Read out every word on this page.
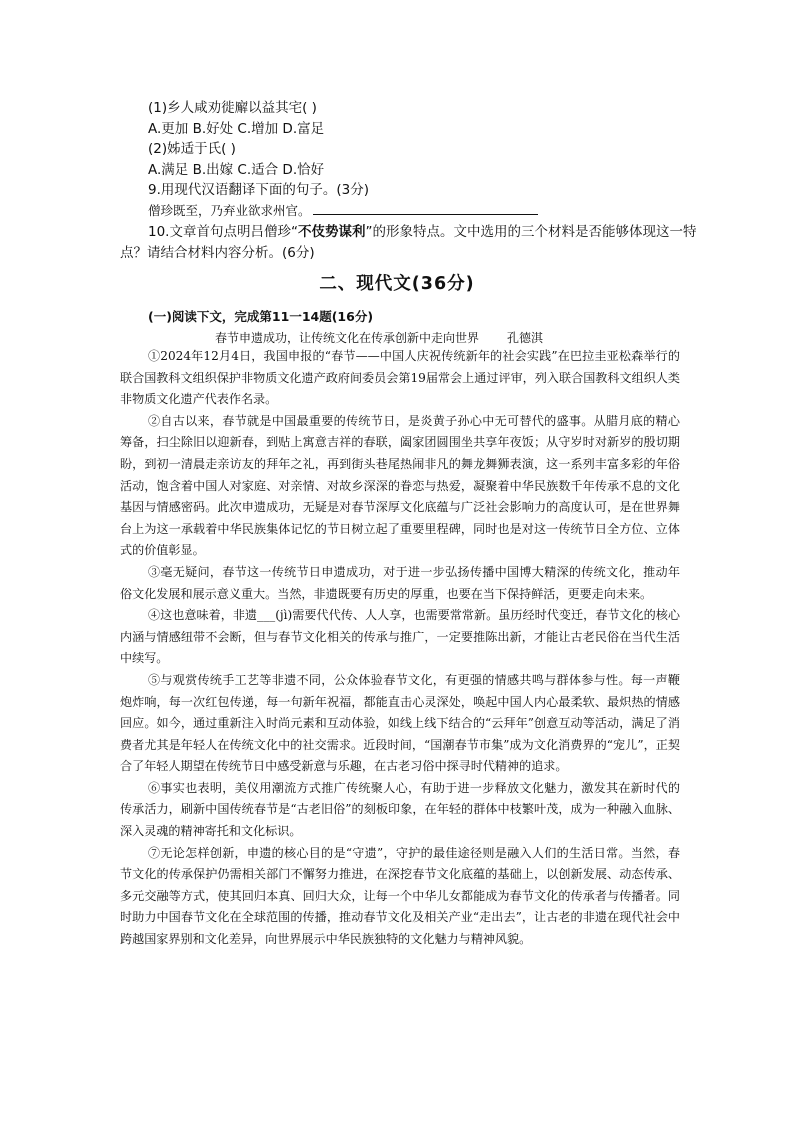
(1)乡人咸劝徙廨以益其宅( )
A.更加 B.好处 C.增加 D.富足
(2)姊适于氏( )
A.满足 B.出嫁 C.适合 D.恰好
9.用现代汉语翻译下面的句子。(3分)
僧珍既至，乃弃业欲求州官。
10.文章首句点明吕僧珍“不伎势谋利”的形象特点。文中选用的三个材料是否能够体现这一特点？请结合材料内容分析。(6分)
二、现代文(36分)
(一)阅读下文，完成第11一14题(16分)
春节申遗成功，让传统文化在传承创新中走向世界 孔德淇

①2024年12月4日，我国申报的“春节——中国人庆祝传统新年的社会实践”在巴拉圭亚松森举行的联合国教科文组织保护非物质文化遗产政府间委员会第19届常会上通过评审，列入联合国教科文组织人类非物质文化遗产代表作名录。

②自古以来，春节就是中国最重要的传统节日，是炎黄子孙心中无可替代的盛事。从腊月底的精心筹备，扫尘除旧以迎新春，到贴上寓意吉祥的春联，阖家团圆围坐共享年夜饭；从守岁时对新岁的殷切期盼，到初一清晨走亲访友的拜年之礼，再到街头巷尾热闹非凡的舞龙舞狮表演，这一系列丰富多彩的年俗活动，饱含着中国人对家庭、对亲情、对故乡深深的眷恋与热爱，凝聚着中华民族数千年传承不息的文化基因与情感密码。此次申遗成功，无疑是对春节深厚文化底蕴与广泛社会影响力的高度认可，是在世界舞台上为这一承载着中华民族集体记忆的节日树立起了重要里程碑，同时也是对这一传统节日全方位、立体式的价值彰显。

③毫无疑问，春节这一传统节日申遗成功，对于进一步弘扬传播中国博大精深的传统文化，推动年俗文化发展和展示意义重大。当然，非遗既要有历史的厚重，也要在当下保持鲜活，更要走向未来。

④这也意味着，非遗___(jì)需要代代传、人人享，也需要常常新。虽历经时代变迁，春节文化的核心内涵与情感纽带不会断，但与春节文化相关的传承与推广，一定要推陈出新，才能让古老民俗在当代生活中续写。

⑤与观赏传统手工艺等非遗不同，公众体验春节文化，有更强的情感共鸣与群体参与性。每一声鞭炮炸响，每一次红包传递，每一句新年祝福，都能直击心灵深处，唤起中国人内心最柔软、最炽热的情感回应。如今，通过重新注入时尚元素和互动体验，如线上线下结合的“云拜年”创意互动等活动，满足了消费者尤其是年轻人在传统文化中的社交需求。近段时间，“国潮春节市集”成为文化消费界的“宠儿”，正契合了年轻人期望在传统节日中感受新意与乐趣，在古老习俗中探寻时代精神的追求。

⑥事实也表明，美仪用潮流方式推广传统聚人心，有助于进一步释放文化魅力，激发其在新时代的传承活力，刷新中国传统春节是“古老旧俗”的刻板印象，在年轻的群体中枝繁叶茂，成为一种融入血脉、深入灵魂的精神寄托和文化标识。

⑦无论怎样创新，申遗的核心目的是“守遗”，守护的最佳途径则是融入人们的生活日常。当然，春节文化的传承保护仍需相关部门不懈努力推进，在深挖春节文化底蕴的基础上，以创新发展、动态传承、多元交融等方式，使其回归本真、回归大众，让每一个中华儿女都能成为春节文化的传承者与传播者。同时助力中国春节文化在全球范围的传播，推动春节文化及相关产业“走出去”，让古老的非遗在现代社会中跨越国家界别和文化差异，向世界展示中华民族独特的文化魅力与精神风貌。
